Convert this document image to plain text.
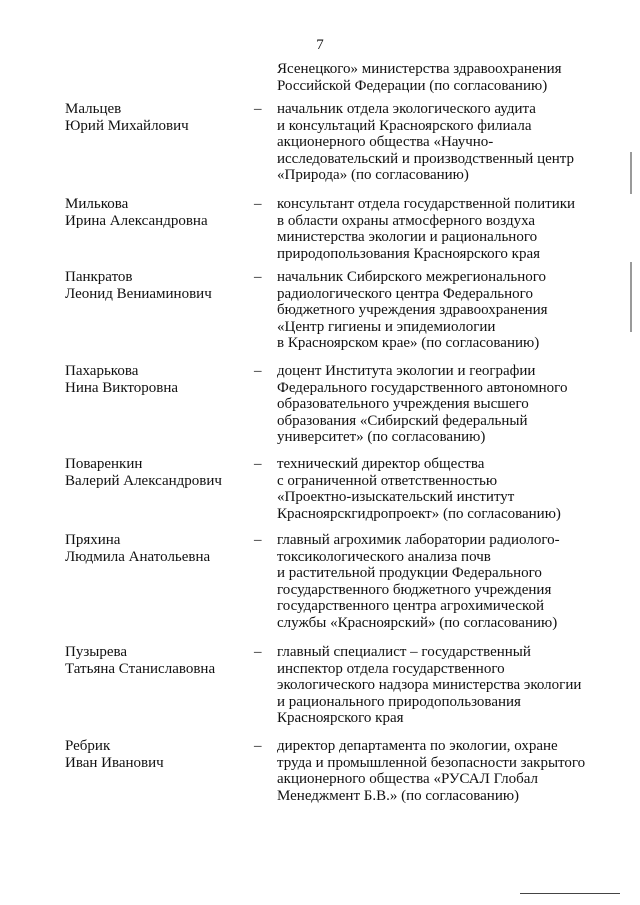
7
Ясенецкого» министерства здравоохранения
Российской Федерации (по согласованию)
Мальцев
Юрий Михайлович
–	начальник отдела экологического аудита
и консультаций Красноярского филиала
акционерного общества «Научно-
исследовательский и производственный центр
«Природа» (по согласованию)
Милькова
Ирина Александровна
–	консультант отдела государственной политики
в области охраны атмосферного воздуха
министерства экологии и рационального
природопользования Красноярского края
Панкратов
Леонид Вениаминович
–	начальник Сибирского межрегионального
радиологического центра Федерального
бюджетного учреждения здравоохранения
«Центр гигиены и эпидемиологии
в Красноярском крае» (по согласованию)
Пахарькова
Нина Викторовна
–	доцент Института экологии и географии
Федерального государственного автономного
образовательного учреждения высшего
образования «Сибирский федеральный
университет» (по согласованию)
Поваренкин
Валерий Александрович
–	технический директор общества
с ограниченной ответственностью
«Проектно-изыскательский институт
Красноярскгидропроект» (по согласованию)
Пряхина
Людмила Анатольевна
–	главный агрохимик лаборатории радиолого-
токсикологического анализа почв
и растительной продукции Федерального
государственного бюджетного учреждения
государственного центра агрохимической
службы «Красноярский» (по согласованию)
Пузырева
Татьяна Станиславовна
–	главный специалист – государственный
инспектор отдела государственного
экологического надзора министерства экологии
и рационального природопользования
Красноярского края
Ребрик
Иван Иванович
–	директор департамента по экологии, охране
труда и промышленной безопасности закрытого
акционерного общества «РУСАЛ Глобал
Менеджмент Б.В.» (по согласованию)
